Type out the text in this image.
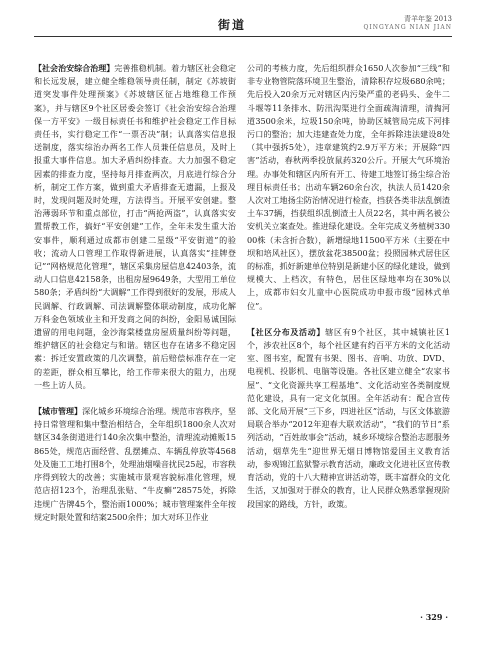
街道	青羊年鉴 2013
QINGYANG NIAN JIAN

【社会治安综合治理】完善推稳机制。着力辖区社会稳定和长远发展，建立健全维稳领导责任制，制定《苏坡街道突发事件处理预案》《苏坡辖区征占地维稳工作预案》，并与辖区9个社区居委会签订《社会治安综合治理保一方平安》一级目标责任书和维护社会稳定工作目标责任书，实行稳定工作“一票否决”制；认真落实信息报送制度，落实综治办两名工作人员兼任信息员，及时上报重大事件信息。加大矛盾纠纷排查。大力加强不稳定因素的排查力度，坚持每月排查两次，月底进行综合分析，制定工作方案，做到重大矛盾排查无遗漏，上报及时，发现问题及时处理，方法得当。开展平安创建。整治薄弱环节和重点部位，打击“两抢两盗”，认真落实安置帮教工作，搞好“平安创建”工作，全年未发生重大治安事件，顺利通过成都市创建二星级“平安街道”的验收；流动人口管理工作取得新进展，认真落实“挂牌登记”“网格规范化管理”，辖区采集房屋信息42403条，流动人口信息42158条，出租房屋9649条，大型用工单位580条；矛盾纠纷“大调解”工作得到很好的发展，形成人民调解、行政调解、司法调解整体联动制度，成功化解万科金色领域业主和开发商之间的纠纷，金阳易诚国际遗留的用电问题，金沙海棠楼盘房屋质量纠纷等问题，维护辖区的社会稳定与和谐。辖区也存在诸多不稳定因素：拆迁安置政策的几次调整，前后赔偿标准存在一定的差距，群众相互攀比，给工作带来很大的阻力，出现一些上访人员。

【城市管理】深化城乡环境综合治理。规范市容秩序，坚持日常管理和集中整治相结合，全年组织1800余人次对辖区34条街道进行140余次集中整治，清理流动摊贩15865处，规范店面经营、乱摆摊点、车辆乱停放等4568处及施工工地打围8个，处理油烟噪音扰民25起，市容秩序得到较大的改善；实施城市景观容貌标准化管理，规范店招123个，治理乱张贴、“牛皮癣”28575处，拆除违规广告牌45个，整治雨1000%；城市管理案件全年按规定时限处置和结案2500余件；加大对环卫作业

公司的考核力度，先后组织群众1650人次参加“三线”和非专业物管院落环境卫生整治，清除积存垃圾680余吨；先后投入20余万元对辖区内污染严重的老码头、金牛二斗堰等11条排水、防汛沟渠进行全面疏淘清理，清掏河道3500余米，垃圾150余吨，协助区城管局完成下河排污口的整治；加大违建查处力度，全年拆除违法建设8处（其中强拆5处），违章建筑约2.9万平方米；开展除“四害”活动，春秋两季投放鼠药320公斤。开展大气环境治理。办事处和辖区内所有开工、待建工地签订扬尘综合治理目标责任书；出动车辆260余台次，执法人员1420余人次对工地扬尘防治情况进行检查，挡获各类非法乱倒渣土车37辆，挡获组织乱倒渣土人员22名，其中两名被公安机关立案查处。推进绿化建设。全年完成义务植树33000株（未含折合数），新增绿地11500平方米（主要在中坝和培风社区），摆放盆花38500盆；投照园林式居住区的标准，抓好新建单位特别是新建小区的绿化建设，做到规模大、上档次，有特色，居住区绿地率均在30%以上，成都市妇女儿童中心医院成功申报市级“园林式单位”。

【社区分布及活动】辖区有9个社区，其中城镇社区1个，涉农社区8个，每个社区建有约百平方米的文化活动室、图书室，配置有书架、图书、音响、功放、DVD、电视机、投影机、电脑等设施。各社区建立健全“农家书屋”、“文化资源共享工程基地”、文化活动室各类制度规范化建设，具有一定文化氛围。全年活动有：配合宣传部、文化局开展“三下乡，四进社区”活动，与区文体旅游局联合举办“2012年迎春大联欢活动”，“我们的节日”系列活动，“百姓故事会”活动，城乡环境综合整治志愿服务活动，烟草先生“迎世界无烟日博物馆爱国主义教育活动，参观锦江监狱警示教育活动，廉政文化进社区宣传教育活动，党的十八大精神宣讲活动等，既丰富群众的文化生活，又加强对于群众的教育，让人民群众熟悉掌握现阶段国家的路线，方针，政策。

· 329 ·
